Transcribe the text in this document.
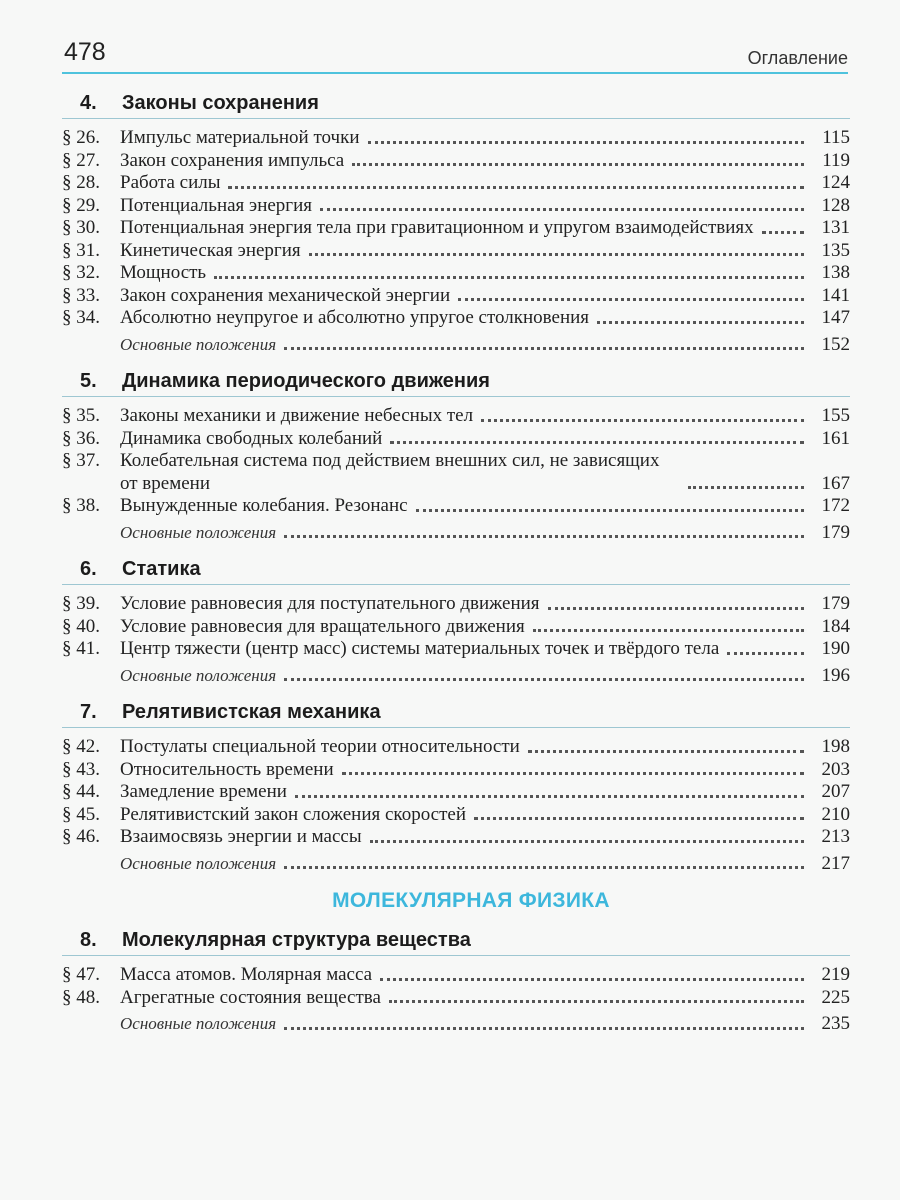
478	Оглавление
4. Законы сохранения
§ 26.	Импульс материальной точки	115
§ 27.	Закон сохранения импульса	119
§ 28.	Работа силы	124
§ 29.	Потенциальная энергия	128
§ 30.	Потенциальная энергия тела при гравитационном и упругом взаимодействиях	131
§ 31.	Кинетическая энергия	135
§ 32.	Мощность	138
§ 33.	Закон сохранения механической энергии	141
§ 34.	Абсолютно неупругое и абсолютно упругое столкновения	147
Основные положения	152
5. Динамика периодического движения
§ 35.	Законы механики и движение небесных тел	155
§ 36.	Динамика свободных колебаний	161
§ 37.	Колебательная система под действием внешних сил, не зависящих от времени	167
§ 38.	Вынужденные колебания. Резонанс	172
Основные положения	179
6. Статика
§ 39.	Условие равновесия для поступательного движения	179
§ 40.	Условие равновесия для вращательного движения	184
§ 41.	Центр тяжести (центр масс) системы материальных точек и твёрдого тела	190
Основные положения	196
7. Релятивистская механика
§ 42.	Постулаты специальной теории относительности	198
§ 43.	Относительность времени	203
§ 44.	Замедление времени	207
§ 45.	Релятивистский закон сложения скоростей	210
§ 46.	Взаимосвязь энергии и массы	213
Основные положения	217
МОЛЕКУЛЯРНАЯ ФИЗИКА
8. Молекулярная структура вещества
§ 47.	Масса атомов. Молярная масса	219
§ 48.	Агрегатные состояния вещества	225
Основные положения	235
